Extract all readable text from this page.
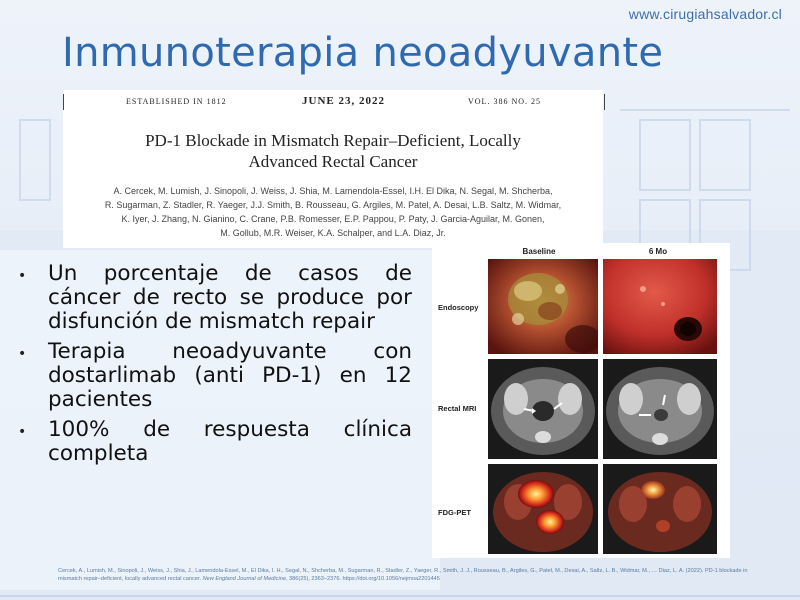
www.cirugiahsalvador.cl
Inmunoterapia neoadyuvante
ESTABLISHED IN 1812	JUNE 23, 2022	VOL. 386 NO. 25
PD-1 Blockade in Mismatch Repair–Deficient, Locally
Advanced Rectal Cancer
A. Cercek, M. Lumish, J. Sinopoli, J. Weiss, J. Shia, M. Lamendola-Essel, I.H. El Dika, N. Segal, M. Shcherba,
R. Sugarman, Z. Stadler, R. Yaeger, J.J. Smith, B. Rousseau, G. Argiles, M. Patel, A. Desai, L.B. Saltz, M. Widmar,
K. Iyer, J. Zhang, N. Gianino, C. Crane, P.B. Romesser, E.P. Pappou, P. Paty, J. Garcia-Aguilar, M. Gonen,
M. Gollub, M.R. Weiser, K.A. Schalper, and L.A. Diaz, Jr.
• Un porcentaje de casos de cáncer de recto se produce por disfunción de mismatch repair
• Terapia neoadyuvante con dostarlimab (anti PD-1) en 12 pacientes
• 100% de respuesta clínica completa
Baseline	6 Mo
Endoscopy
Rectal MRI
FDG-PET
Cercek, A., Lumish, M., Sinopoli, J., Weiss, J., Shia, J., Lamendola-Essel, M., El Dika, I. H., Segal, N., Shcherba, M., Sugarman, R., Stadler, Z., Yaeger, R., Smith, J. J., Rousseau, B., Argiles, G., Patel, M., Desai, A., Saltz, L. B., Widmar, M., … Diaz, L. A. (2022). PD-1 blockade in mismatch repair–deficient, locally advanced rectal cancer. New England Journal of Medicine, 386(25), 2363–2376. https://doi.org/10.1056/nejmoa2201445
